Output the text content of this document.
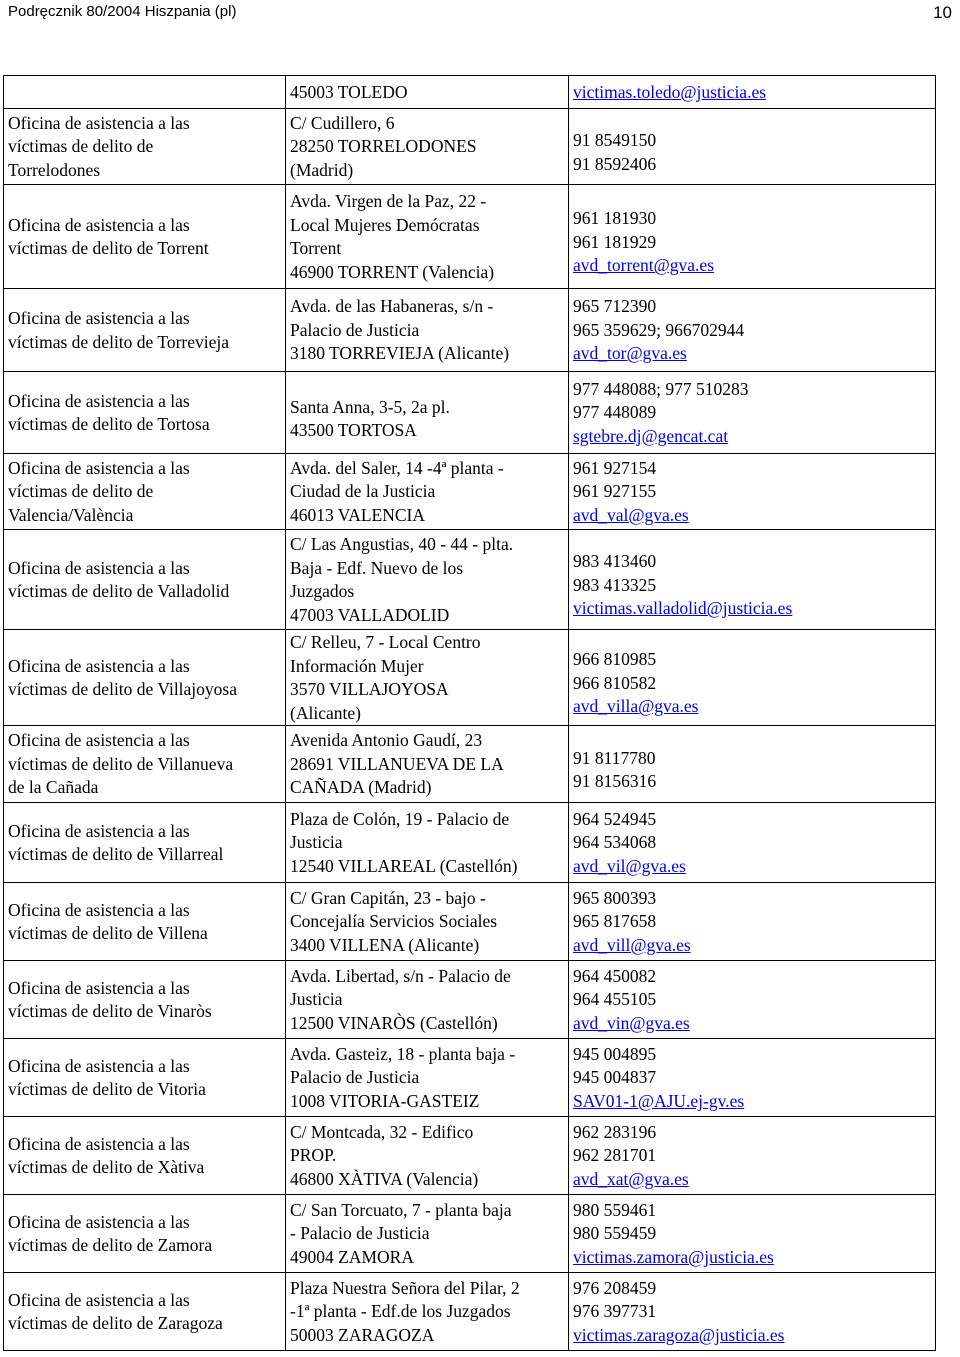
Podręcznik 80/2004 Hiszpania (pl)	10

	45003 TOLEDO	victimas.toledo@justicia.es

Oficina de asistencia a las
víctimas de delito de
Torrelodones	C/ Cudillero, 6
28250 TORRELODONES
(Madrid)	91 8549150
91 8592406

Oficina de asistencia a las
víctimas de delito de Torrent	Avda. Virgen de la Paz, 22 -
Local Mujeres Demócratas
Torrent
46900 TORRENT (Valencia)	961 181930
961 181929
avd_torrent@gva.es

Oficina de asistencia a las
víctimas de delito de Torrevieja	Avda. de las Habaneras, s/n -
Palacio de Justicia
3180 TORREVIEJA (Alicante)	965 712390
965 359629; 966702944
avd_tor@gva.es

Oficina de asistencia a las
víctimas de delito de Tortosa	Santa Anna, 3-5, 2a pl.
43500 TORTOSA	977 448088; 977 510283
977 448089
sgtebre.dj@gencat.cat

Oficina de asistencia a las
víctimas de delito de
Valencia/València	Avda. del Saler, 14 -4ª planta -
Ciudad de la Justicia
46013 VALENCIA	961 927154
961 927155
avd_val@gva.es

Oficina de asistencia a las
víctimas de delito de Valladolid	C/ Las Angustias, 40 - 44 - plta.
Baja - Edf. Nuevo de los
Juzgados
47003 VALLADOLID	983 413460
983 413325
victimas.valladolid@justicia.es

Oficina de asistencia a las
víctimas de delito de Villajoyosa	C/ Relleu, 7 - Local Centro
Información Mujer
3570 VILLAJOYOSA
(Alicante)	966 810985
966 810582
avd_villa@gva.es

Oficina de asistencia a las
víctimas de delito de Villanueva
de la Cañada	Avenida Antonio Gaudí, 23
28691 VILLANUEVA DE LA
CAÑADA (Madrid)	91 8117780
91 8156316

Oficina de asistencia a las
víctimas de delito de Villarreal	Plaza de Colón, 19 - Palacio de
Justicia
12540 VILLAREAL (Castellón)	964 524945
964 534068
avd_vil@gva.es

Oficina de asistencia a las
víctimas de delito de Villena	C/ Gran Capitán, 23 - bajo -
Concejalía Servicios Sociales
3400 VILLENA (Alicante)	965 800393
965 817658
avd_vill@gva.es

Oficina de asistencia a las
víctimas de delito de Vinaròs	Avda. Libertad, s/n - Palacio de
Justicia
12500 VINARÒS (Castellón)	964 450082
964 455105
avd_vin@gva.es

Oficina de asistencia a las
víctimas de delito de Vitoria	Avda. Gasteiz, 18 - planta baja -
Palacio de Justicia
1008 VITORIA-GASTEIZ	945 004895
945 004837
SAV01-1@AJU.ej-gv.es

Oficina de asistencia a las
víctimas de delito de Xàtiva	C/ Montcada, 32 - Edifico
PROP.
46800 XÀTIVA (Valencia)	962 283196
962 281701
avd_xat@gva.es

Oficina de asistencia a las
víctimas de delito de Zamora	C/ San Torcuato, 7 - planta baja
- Palacio de Justicia
49004 ZAMORA	980 559461
980 559459
victimas.zamora@justicia.es

Oficina de asistencia a las
víctimas de delito de Zaragoza	Plaza Nuestra Señora del Pilar, 2
-1ª planta - Edf.de los Juzgados
50003 ZARAGOZA	976 208459
976 397731
victimas.zaragoza@justicia.es
